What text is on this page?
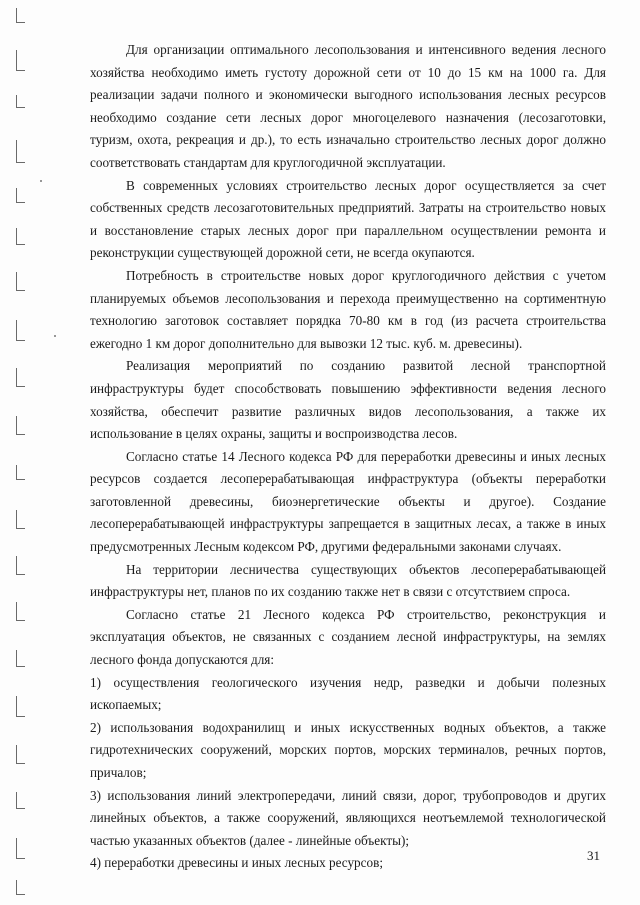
Для организации оптимального лесопользования и интенсивного ведения лесного хозяйства необходимо иметь густоту дорожной сети от 10 до 15 км на 1000 га. Для реализации задачи полного и экономически выгодного использования лесных ресурсов необходимо создание сети лесных дорог многоцелевого назначения (лесозаготовки, туризм, охота, рекреация и др.), то есть изначально строительство лесных дорог должно соответствовать стандартам для круглогодичной эксплуатации.

В современных условиях строительство лесных дорог осуществляется за счет собственных средств лесозаготовительных предприятий. Затраты на строительство новых и восстановление старых лесных дорог при параллельном осуществлении ремонта и реконструкции существующей дорожной сети, не всегда окупаются.

Потребность в строительстве новых дорог круглогодичного действия с учетом планируемых объемов лесопользования и перехода преимущественно на сортиментную технологию заготовок составляет порядка 70-80 км в год (из расчета строительства ежегодно 1 км дорог дополнительно для вывозки 12 тыс. куб. м. древесины).

Реализация мероприятий по созданию развитой лесной транспортной инфраструктуры будет способствовать повышению эффективности ведения лесного хозяйства, обеспечит развитие различных видов лесопользования, а также их использование в целях охраны, защиты и воспроизводства лесов.

Согласно статье 14 Лесного кодекса РФ для переработки древесины и иных лесных ресурсов создается лесоперерабатывающая инфраструктура (объекты переработки заготовленной древесины, биоэнергетические объекты и другое). Создание лесоперерабатывающей инфраструктуры запрещается в защитных лесах, а также в иных предусмотренных Лесным кодексом РФ, другими федеральными законами случаях.

На территории лесничества существующих объектов лесоперерабатывающей инфраструктуры нет, планов по их созданию также нет в связи с отсутствием спроса.

Согласно статье 21 Лесного кодекса РФ строительство, реконструкция и эксплуатация объектов, не связанных с созданием лесной инфраструктуры, на землях лесного фонда допускаются для:

1) осуществления геологического изучения недр, разведки и добычи полезных ископаемых;

2) использования водохранилищ и иных искусственных водных объектов, а также гидротехнических сооружений, морских портов, морских терминалов, речных портов, причалов;

3) использования линий электропередачи, линий связи, дорог, трубопроводов и других линейных объектов, а также сооружений, являющихся неотъемлемой технологической частью указанных объектов (далее - линейные объекты);

4) переработки древесины и иных лесных ресурсов;	31
